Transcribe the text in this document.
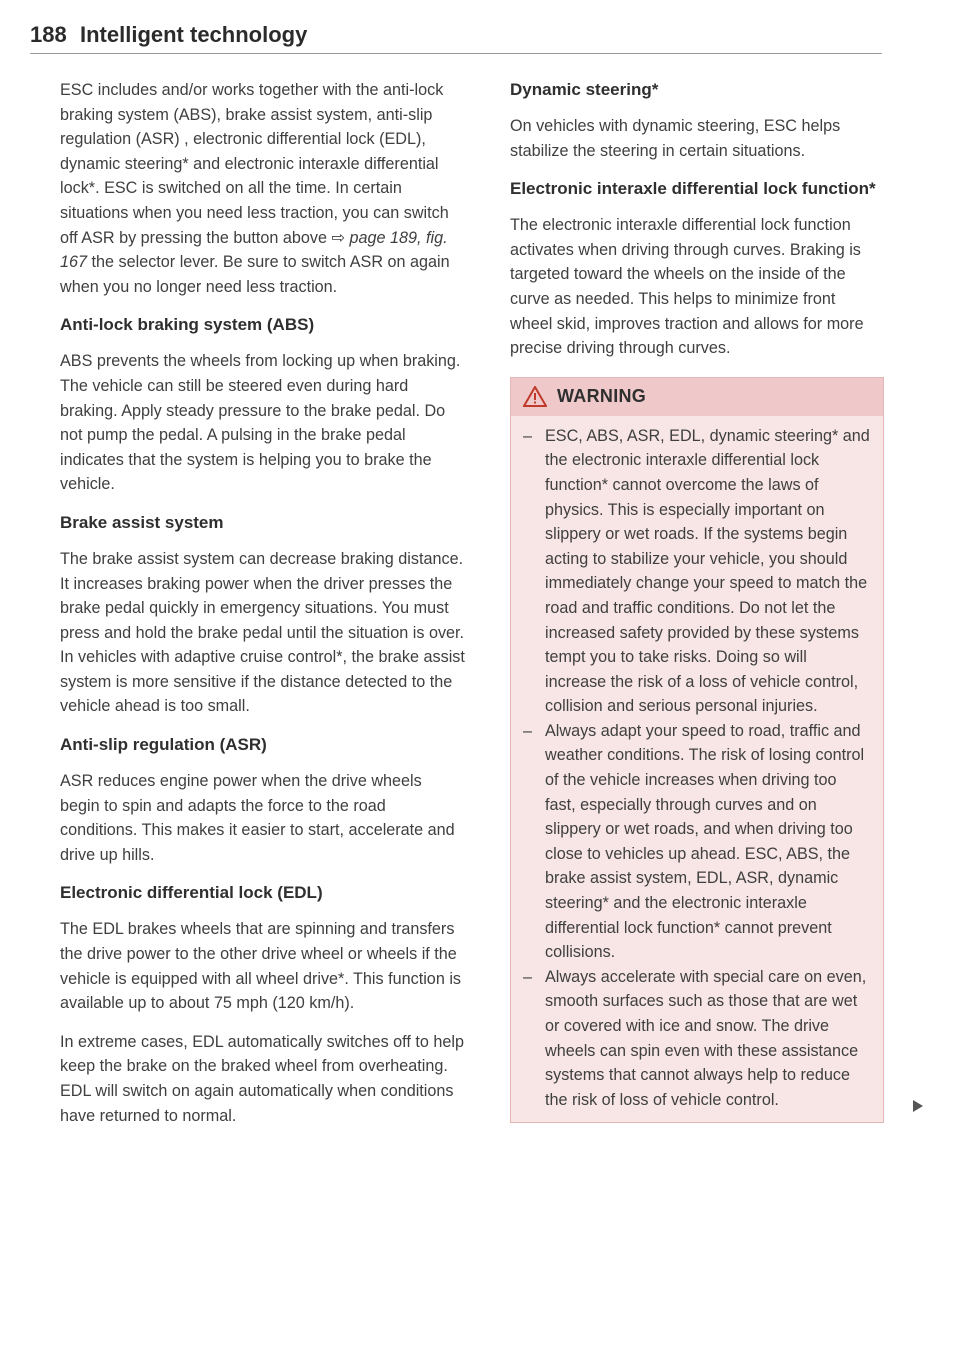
188 Intelligent technology

ESC includes and/or works together with the anti-lock braking system (ABS), brake assist system, anti-slip regulation (ASR) , electronic differential lock (EDL), dynamic steering* and electronic interaxle differential lock*. ESC is switched on all the time. In certain situations when you need less traction, you can switch off ASR by pressing the button above ⇨ page 189, fig. 167 the selector lever. Be sure to switch ASR on again when you no longer need less traction.

Anti-lock braking system (ABS)

ABS prevents the wheels from locking up when braking. The vehicle can still be steered even during hard braking. Apply steady pressure to the brake pedal. Do not pump the pedal. A pulsing in the brake pedal indicates that the system is helping you to brake the vehicle.

Brake assist system

The brake assist system can decrease braking distance. It increases braking power when the driver presses the brake pedal quickly in emergency situations. You must press and hold the brake pedal until the situation is over. In vehicles with adaptive cruise control*, the brake assist system is more sensitive if the distance detected to the vehicle ahead is too small.

Anti-slip regulation (ASR)

ASR reduces engine power when the drive wheels begin to spin and adapts the force to the road conditions. This makes it easier to start, accelerate and drive up hills.

Electronic differential lock (EDL)

The EDL brakes wheels that are spinning and transfers the drive power to the other drive wheel or wheels if the vehicle is equipped with all wheel drive*. This function is available up to about 75 mph (120 km/h).

In extreme cases, EDL automatically switches off to help keep the brake on the braked wheel from overheating. EDL will switch on again automatically when conditions have returned to normal.

Dynamic steering*

On vehicles with dynamic steering, ESC helps stabilize the steering in certain situations.

Electronic interaxle differential lock function*

The electronic interaxle differential lock function activates when driving through curves. Braking is targeted toward the wheels on the inside of the curve as needed. This helps to minimize front wheel skid, improves traction and allows for more precise driving through curves.

WARNING
– ESC, ABS, ASR, EDL, dynamic steering* and the electronic interaxle differential lock function* cannot overcome the laws of physics. This is especially important on slippery or wet roads. If the systems begin acting to stabilize your vehicle, you should immediately change your speed to match the road and traffic conditions. Do not let the increased safety provided by these systems tempt you to take risks. Doing so will increase the risk of a loss of vehicle control, collision and serious personal injuries.
– Always adapt your speed to road, traffic and weather conditions. The risk of losing control of the vehicle increases when driving too fast, especially through curves and on slippery or wet roads, and when driving too close to vehicles up ahead. ESC, ABS, the brake assist system, EDL, ASR, dynamic steering* and the electronic interaxle differential lock function* cannot prevent collisions.
– Always accelerate with special care on even, smooth surfaces such as those that are wet or covered with ice and snow. The drive wheels can spin even with these assistance systems that cannot always help to reduce the risk of loss of vehicle control.
